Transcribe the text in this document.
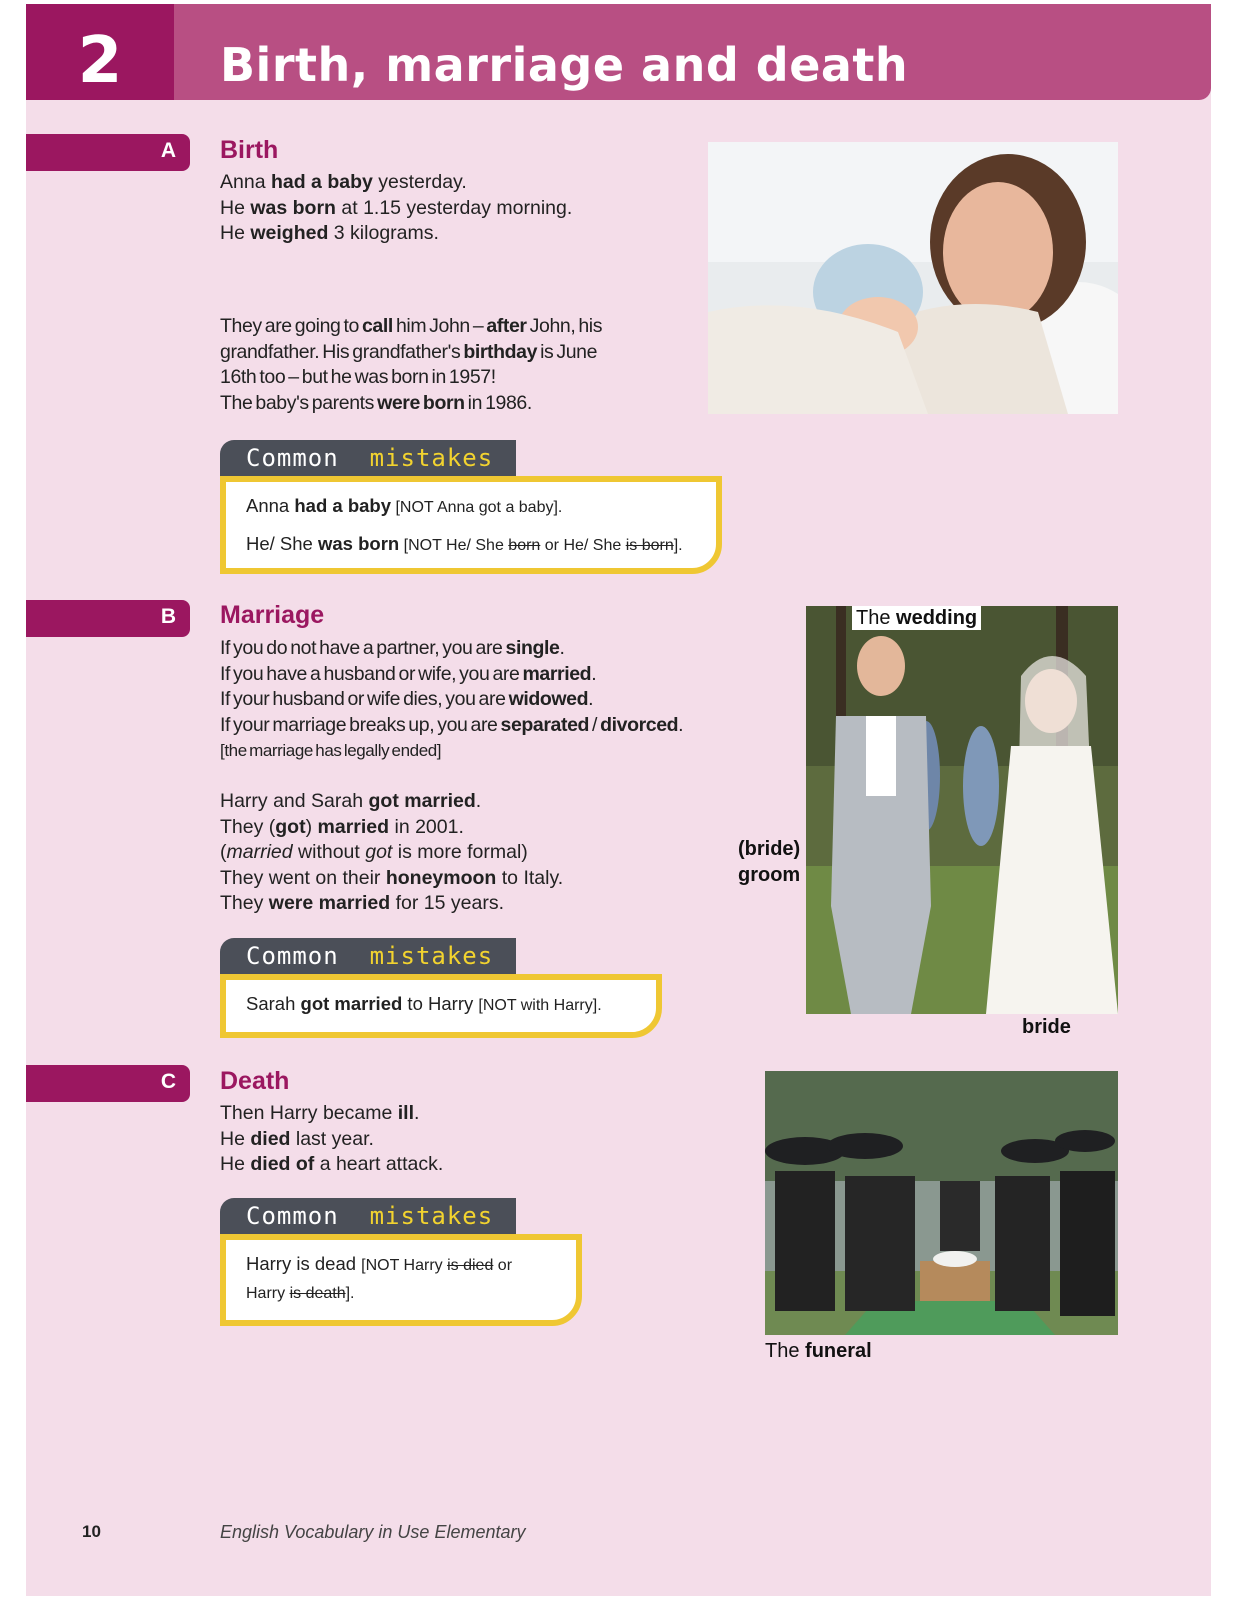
2	Birth, marriage and death
A Birth
Anna had a baby yesterday.
He was born at 1.15 yesterday morning.
He weighed 3 kilograms.
They are going to call him John – after John, his
grandfather. His grandfather's birthday is June
16th too – but he was born in 1957!
The baby's parents were born in 1986.
Common mistakes
Anna had a baby [NOT Anna got a baby].
He/ She was born [NOT He/ She born or He/ She is born].
B Marriage
If you do not have a partner, you are single.
If you have a husband or wife, you are married.
If your husband or wife dies, you are widowed.
If your marriage breaks up, you are separated / divorced.
[the marriage has legally ended]
Harry and Sarah got married.
They (got) married in 2001.
(married without got is more formal)
They went on their honeymoon to Italy.
They were married for 15 years.
Common mistakes
Sarah got married to Harry [NOT with Harry].
The wedding
(bride)
groom
bride
C Death
Then Harry became ill.
He died last year.
He died of a heart attack.
Common mistakes
Harry is dead [NOT Harry is died or
Harry is death].
The funeral
10	English Vocabulary in Use Elementary
